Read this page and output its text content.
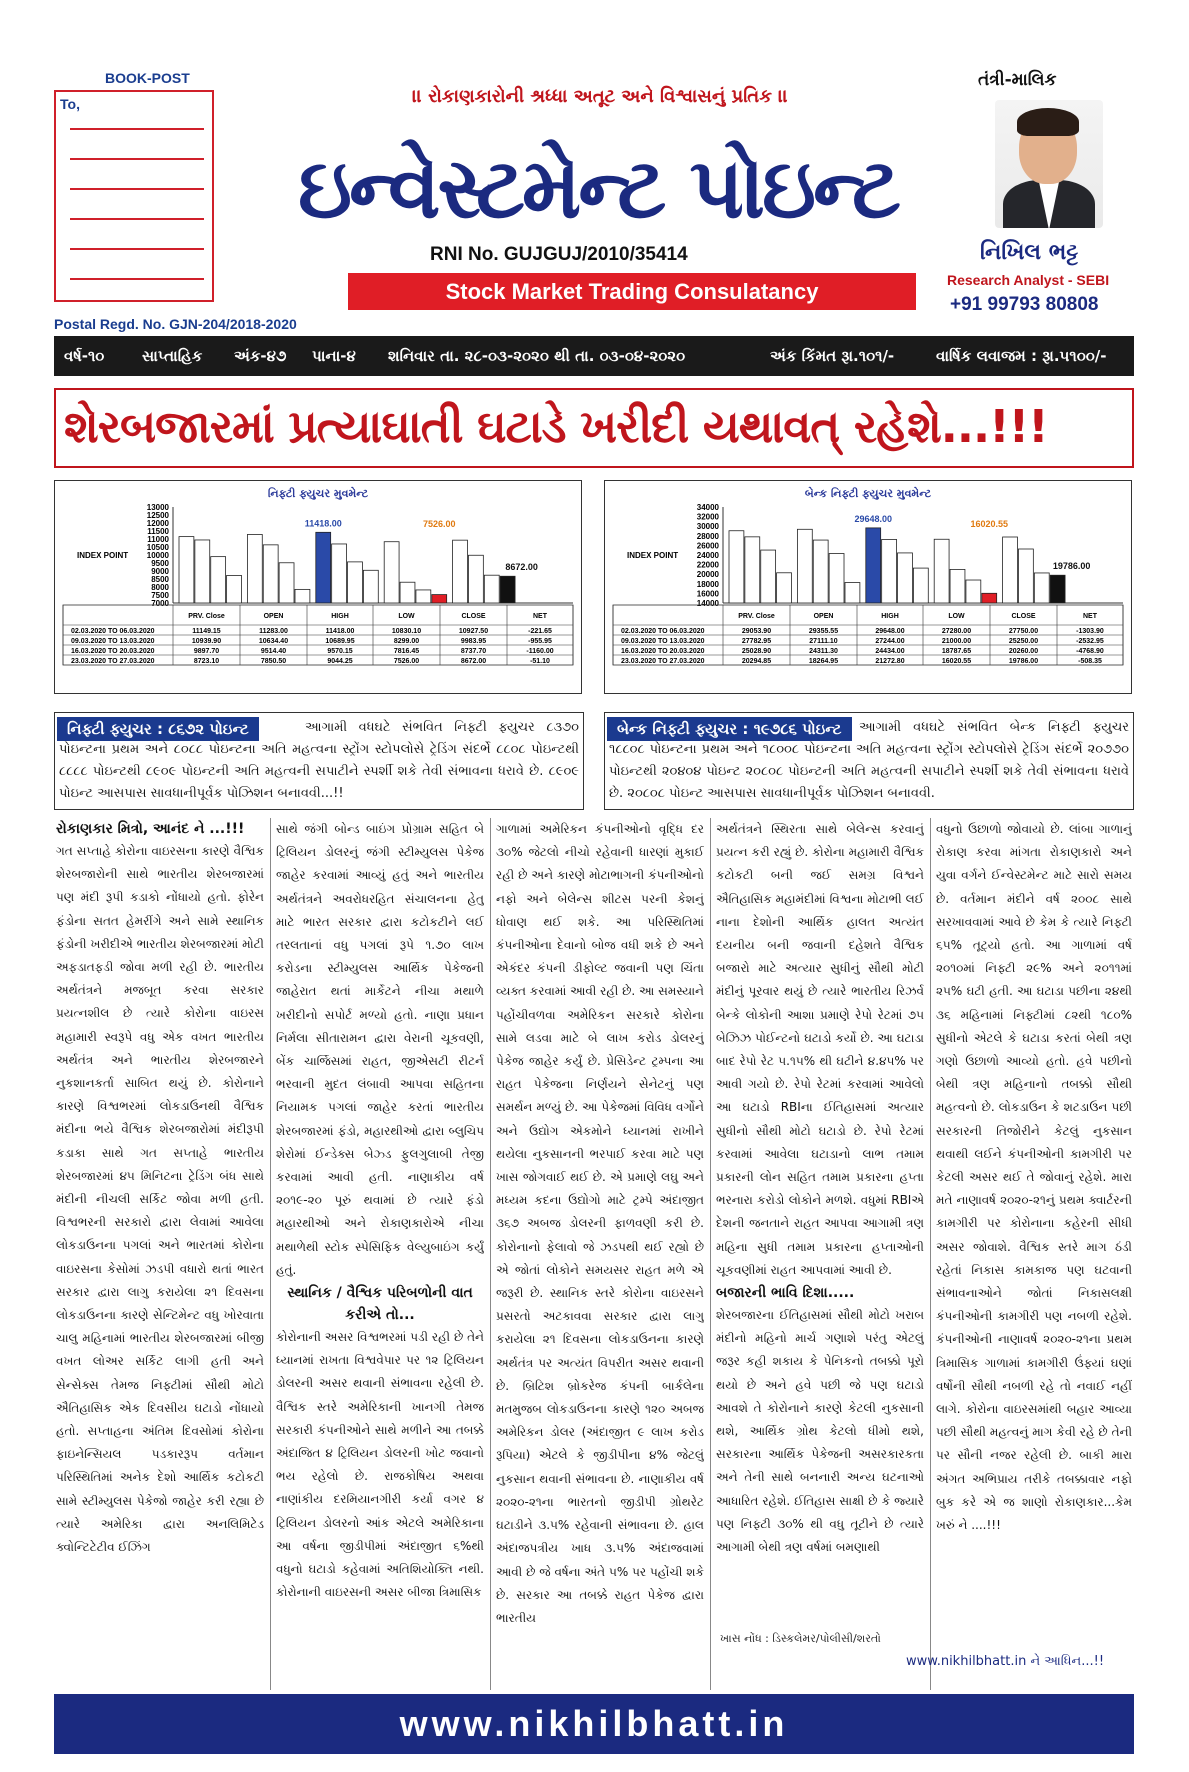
BOOK-POST
To,	।। રોકાણકારોની શ્રધ્ધા અતૂટ અને વિશ્વાસનું પ્રતિક ।।
ઇન્વેસ્ટમેન્ટ પોઇન્ટ
RNI No. GUJGUJ/2010/35414
Stock Market Trading Consulatancy
તંત્રી-માલિક
નિખિલ ભટ્ટ
Research Analyst - SEBI
+91 99793 80808
Postal Regd. No. GJN-204/2018-2020
વર્ષ-૧૦	સાપ્તાહિક અંક-૪૭ પાના-૪ શનિવાર તા. ૨૮-૦૩-૨૦૨૦ થી તા. ૦૩-૦૪-૨૦૨૦	અંક કિંમત રૂા.૧૦૧/-	વાર્ષિક લવાજમ : રૂા.૫૧૦૦/-
શેરબજારમાં પ્રત્યાઘાતી ઘટાડે ખરીદી યથાવત્ રહેશે...!!!
નિફ્ટી ફ્યુચર મુવમેન્ટ
13000
12500
12000
11500
11000
10500
10000
9500
9000
8500
8000
7500
7000
INDEX POINT
11418.00	7526.00
8672.00
PRV. Close	OPEN	HIGH	LOW	CLOSE	NET
02.03.2020 TO 06.03.2020	11149.15	11283.00	11418.00	10830.10	10927.50	-221.65
09.03.2020 TO 13.03.2020	10939.90	10634.40	10689.95	8299.00	9983.95	-955.95
16.03.2020 TO 20.03.2020	9897.70	9514.40	9570.15	7816.45	8737.70	-1160.00
23.03.2020 TO 27.03.2020	8723.10	7850.50	9044.25	7526.00	8672.00	-51.10
બેન્ક નિફ્ટી ફ્યુચર મુવમેન્ટ
34000
32000
30000
28000
26000
24000
22000
20000
18000
16000
14000
INDEX POINT
29648.00
16020.55
19786.00
PRV. Close	OPEN	HIGH	LOW	CLOSE	NET
02.03.2020 TO 06.03.2020	29053.90	29355.55	29648.00	27280.00	27750.00	-1303.90
09.03.2020 TO 13.03.2020	27782.95	27111.10	27244.00	21000.00	25250.00	-2532.95
16.03.2020 TO 20.03.2020	25028.90	24311.30	24434.00	18787.65	20260.00	-4768.90
23.03.2020 TO 27.03.2020	20294.85	18264.95	21272.80	16020.55	19786.00	-508.35
આગામી વધઘટે સંભવિત નિફ્ટી ફ્યુચર ૮૩૭૦ પોઇન્ટના પ્રથમ અને ૮૦૮૮ પોઇન્ટના અતિ મહત્વના સ્ટ્રોંગ સ્ટોપલોસે ટ્રેડિંગ સંદર્ભે ૮૮૦૮ પોઇન્ટથી ૮૮૮૮ પોઇન્ટથી ૮૯૦૯ પોઇન્ટની અતિ મહત્વની સપાટીને સ્પર્શી શકે તેવી સંભાવના ધરાવે છે. ૮૯૦૯ પોઇન્ટ આસપાસ સાવધાનીપૂર્વક પોઝિશન બનાવવી...!!
નિફ્ટી ફ્યુચર : ૮૬૭૨ પોઇન્ટ	આગામી વધઘટે સંભવિત બેન્ક નિફ્ટી ફ્યુચર ૧૮૮૦૮ પોઇન્ટના પ્રથમ અને ૧૮૦૦૮ પોઇન્ટના અતિ મહત્વના સ્ટ્રોંગ સ્ટોપલોસે ટ્રેડિંગ સંદર્ભે ૨૦૭૭૦ પોઇન્ટથી ૨૦૪૦૪ પોઇન્ટ ૨૦૮૦૮ પોઇન્ટની અતિ મહત્વની સપાટીને સ્પર્શી શકે તેવી સંભાવના ધરાવે છે. ૨૦૮૦૮ પોઇન્ટ આસપાસ સાવધાનીપૂર્વક પોઝિશન બનાવવી.
બેન્ક નિફ્ટી ફ્યુચર : ૧૯૭૮૬ પોઇન્ટ
રોકાણકાર મિત્રો, આનંદ ને ...!!!

ગત સપ્તાહે કોરોના વાઇરસના કારણે વૈશ્વિક શેરબજારોની સાથે ભારતીય શેરબજારમાં પણ મંદી રૂપી કડાકો નોંધાયો હતો. ફોરેન ફંડોના સતત હેમરીંગે અને સામે સ્થાનિક ફંડોની ખરીદીએ ભારતીય શેરબજારમાં મોટી અફડાતફડી જોવા મળી રહી છે. ભારતીય અર્થતંત્રને મજબૂત કરવા સરકાર પ્રયત્નશીલ છે ત્યારે કોરોના વાઇરસ મહામારી સ્વરૂપે વધુ એક વખત ભારતીય અર્થતંત્ર અને ભારતીય શેરબજારને નુકશાનકર્તા સાબિત થયું છે. કોરોનાને કારણે વિશ્વભરમાં લોકડાઉનથી વૈશ્વિક મંદીના ભયે વૈશ્વિક શેરબજારોમાં મંદીરૂપી કડાકા સાથે ગત સપ્તાહે ભારતીય શેરબજારમાં ૪૫ મિનિટના ટ્રેડિંગ બંધ સાથે મંદીની નીચલી સર્કિટ જોવા મળી હતી. વિશ્વભરની સરકારો દ્વારા લેવામાં આવેલા લોકડાઉનના પગલાં અને ભારતમાં કોરોના વાઇરસના કેસોમાં ઝડપી વધારો થતાં ભારત સરકાર દ્વારા લાગુ કરાયેલા ૨૧ દિવસના લોકડાઉનના કારણે સેન્ટિમેન્ટ વધુ ખોરવાતા ચાલુ મહિનામાં ભારતીય શેરબજારમાં બીજી વખત લોઅર સર્કિટ લાગી હતી અને સેન્સેક્સ તેમજ નિફ્ટીમાં સૌથી મોટો ઐતિહાસિક એક દિવસીય ઘટાડો નોંધાયો હતો. સપ્તાહના અંતિમ દિવસોમાં કોરોના ફાઇનેન્સિયલ પડકારરૂપ વર્તમાન પરિસ્થિતિમાં અનેક દેશો આર્થિક કટોકટી સામે સ્ટીમ્યુલસ પેકેજો જાહેર કરી રહ્યા છે ત્યારે અમેરિકા દ્વારા અનલિમિટેડ ક્વોન્ટિટેટીવ ઈઝિંગ

સાથે જંગી બોન્ડ બાઇંગ પ્રોગ્રામ સહિત બે ટ્રિલિયન ડોલરનું જંગી સ્ટીમ્યુલસ પેકેજ જાહેર કરવામાં આવ્યું હતું અને ભારતીય અર્થતંત્રને અવરોધરહિત સંચાલનના હેતુ માટે ભારત સરકાર દ્વારા કટોકટીને લઈ તરલતાનાં વધુ પગલાં રૂપે ૧.૭૦ લાખ કરોડના સ્ટીમ્યુલસ આર્થિક પેકેજની જાહેરાત થતાં માર્કેટને નીચા મથાળે ખરીદીનો સપોર્ટ મળ્યો હતો. નાણા પ્રધાન નિર્મલા સીતારામન દ્વારા વેરાની ચૂકવણી, બેંક ચાર્જિસમાં રાહત, જીએસટી રીટર્ન ભરવાની મુદત લંબાવી આપવા સહિતના નિયામક પગલાં જાહેર કરતાં ભારતીય શેરબજારમાં ફંડો, મહારથીઓ દ્વારા બ્લુચિપ શેરોમાં ઈન્ડેક્સ બેઝ્ડ ફુલગુલાબી તેજી કરવામાં આવી હતી. નાણાકીય વર્ષ ૨૦૧૯-૨૦ પૂરું થવામાં છે ત્યારે ફંડો મહારથીઓ અને રોકાણકારોએ નીચા મથાળેથી સ્ટોક સ્પેસિફિક વેલ્યુબાઇંગ કર્યું હતું.

સ્થાનિક / વૈશ્વિક પરિબળોની વાત કરીએ તો...

કોરોનાની અસર વિશ્વભરમાં પડી રહી છે તેને ધ્યાનમાં રાખતા વિશ્વવેપાર પર ૧૨ ટ્રિલિયન ડોલરની અસર થવાની સંભાવના રહેલી છે. વૈશ્વિક સ્તરે અમેરિકાની ખાનગી તેમજ સરકારી કંપનીઓને સાથે મળીને આ તબક્કે અંદાજિત ૪ ટ્રિલિયન ડોલરની ખોટ જવાનો ભય રહેલો છે. રાજકોષિય અથવા નાણાંકીય દરમિયાનગીરી કર્યા વગર ૪ ટ્રિલિયન ડોલરનો આંક એટલે અમેરિકાના આ વર્ષના જીડીપીમાં અંદાજીત ૬%થી વધુનો ઘટાડો કહેવામાં અતિશિયોક્તિ નથી. કોરોનાની વાઇરસની અસર બીજા ત્રિમાસિક

ગાળામાં અમેરિકન કંપનીઓનો વૃદ્ધિ દર ૩૦% જેટલો નીચો રહેવાની ધારણાં મુકાઈ રહી છે અને કારણે મોટાભાગની કંપનીઓનો નફો અને બેલેન્સ શીટસ પરની કેશનું ધોવાણ થઈ શકે. આ પરિસ્થિતિમાં કંપનીઓના દેવાનો બોજ વધી શકે છે અને એકંદર કંપની ડીફોલ્ટ જવાની પણ ચિંતા વ્યક્ત કરવામાં આવી રહી છે. આ સમસ્યાને પહોંચીવળવા અમેરિકન સરકારે કોરોના સામે લડવા માટે બે લાખ કરોડ ડોલરનું પેકેજ જાહેર કર્યું છે. પ્રેસિડેન્ટ ટ્રમ્પના આ રાહત પેકેજના નિર્ણયને સેનેટનું પણ સમર્થન મળ્યું છે. આ પેકેજમાં વિવિધ વર્ગોને અને ઉદ્યોગ એકમોને ધ્યાનમાં રાખીને થયેલા નુકસાનની ભરપાઈ કરવા માટે પણ ખાસ જોગવાઈ થઈ છે. એ પ્રમાણે લઘુ અને મધ્યમ કદના ઉદ્યોગો માટે ટ્રમ્પે અંદાજીત ૩૬૭ અબજ ડોલરની ફાળવણી કરી છે. કોરોનાનો ફેલાવો જે ઝડપથી થઈ રહ્યો છે એ જોતાં લોકોને સમયસર રાહત મળે એ જરૂરી છે. સ્થાનિક સ્તરે કોરોના વાઇરસને પ્રસરતો અટકાવવા સરકાર દ્વારા લાગુ કરાયેલા ૨૧ દિવસના લોકડાઉનના કારણે અર્થતંત્ર પર અત્યંત વિપરીત અસર થવાની છે. બ્રિટિશ બ્રોકરેજ કંપની બાર્કલેના મતમુજબ લોકડાઉનના કારણે ૧૨૦ અબજ અમેરિકન ડોલર (અંદાજીત ૯ લાખ કરોડ રૂપિયા) એટલે કે જીડીપીના ૪% જેટલું નુકસાન થવાની સંભાવના છે. નાણાકીય વર્ષ ૨૦૨૦-૨૧ના ભારતનો જીડીપી ગ્રોથરેટ ઘટાડીને ૩.૫% રહેવાની સંભાવના છે. હાલ અંદાજપત્રીય ખાધ ૩.૫% અંદાજવામાં આવી છે જે વર્ષના અંતે ૫% પર પહોંચી શકે છે. સરકાર આ તબક્કે રાહત પેકેજ દ્વારા ભારતીય

અર્થતંત્રને સ્થિરતા સાથે બેલેન્સ કરવાનું પ્રયત્ન કરી રહ્યું છે. કોરોના મહામારી વૈશ્વિક કટોકટી બની જઈ સમગ્ર વિશ્વને ઐતિહાસિક મહામંદીમાં વિશ્વના મોટાભી લઈ નાના દેશોની આર્થિક હાલત અત્યંત દયનીય બની જવાની દહેશતે વૈશ્વિક બજારો માટે અત્યાર સુધીનું સૌથી મોટી મંદીનું પૂરવાર થયું છે ત્યારે ભારતીય રિઝર્વ બેન્કે લોકોની આશા પ્રમાણે રેપો રેટમાં ૭૫ બેઝિઝ પોઈન્ટનો ઘટાડો કર્યો છે. આ ઘટાડા બાદ રેપો રેટ ૫.૧૫% થી ઘટીને ૪.૪૫% પર આવી ગયો છે. રેપો રેટમાં કરવામાં આવેલો આ ઘટાડો RBIના ઈતિહાસમાં અત્યાર સુધીનો સૌથી મોટો ઘટાડો છે. રેપો રેટમાં કરવામાં આવેલા ઘટાડાનો લાભ તમામ પ્રકારની લોન સહિત તમામ પ્રકારના હપ્તા ભરનારા કરોડો લોકોને મળશે. વધુમાં RBIએ દેશની જનતાને રાહત આપવા આગામી ત્રણ મહિના સુધી તમામ પ્રકારના હપ્તાઓની ચૂકવણીમાં રાહત આપવામાં આવી છે.

બજારની ભાવિ દિશા.....

શેરબજારના ઈતિહાસમાં સૌથી મોટો ખરાબ મંદીનો મહિનો માર્ચ ગણાશે પરંતુ એટલું જરૂર કહી શકાય કે પેનિકનો તબક્કો પૂરો થયો છે અને હવે પછી જે પણ ઘટાડો આવશે તે કોરોનાને કારણે કેટલી નુકસાની થશે, આર્થિક ગ્રોથ કેટલો ધીમો થશે, સરકારના આર્થિક પેકેજની અસરકારકતા અને તેની સાથે બનનારી અન્ય ઘટનાઓ આધારિત રહેશે. ઈતિહાસ સાક્ષી છે કે જ્યારે પણ નિફ્ટી ૩૦% થી વધુ તૂટીને છે ત્યારે આગામી બેથી ત્રણ વર્ષમાં બમણાથી

વધુનો ઉછાળો જોવાયો છે. લાંબા ગાળાનું રોકાણ કરવા માંગતા રોકાણકારો અને યુવા વર્ગને ઈન્વેસ્ટમેન્ટ માટે સારો સમય છે. વર્તમાન મંદીને વર્ષ ૨૦૦૮ સાથે સરખાવવામાં આવે છે કેમ કે ત્યારે નિફ્ટી ૬૫% તૂટ્યો હતો. આ ગાળામાં વર્ષ ૨૦૧૦માં નિફ્ટી ૨૯% અને ૨૦૧૧માં ૨૫% ઘટી હતી. આ ઘટાડા પછીના ૨૪થી ૩૬ મહિનામાં નિફ્ટીમાં ૮૨થી ૧૮૦% સુધીનો એટલે કે ઘટાડા કરતાં બેથી ત્રણ ગણો ઉછાળો આવ્યો હતો. હવે પછીનો બેથી ત્રણ મહિનાનો તબક્કો સૌથી મહત્વનો છે. લોકડાઉન કે શટડાઉન પછી સરકારની તિજોરીને કેટલું નુકસાન થવાથી લઈને કંપનીઓની કામગીરી પર કેટલી અસર થઈ તે જોવાનું રહેશે. મારા મતે નાણાવર્ષ ૨૦૨૦-૨૧નું પ્રથમ ક્વાર્ટરની કામગીરી પર કોરોનાના કહેરની સીધી અસર જોવાશે. વૈશ્વિક સ્તરે માગ ઠંડી રહેતાં નિકાસ કામકાજ પણ ઘટવાની સંભાવનાઓને જોતાં નિકાસલક્ષી કંપનીઓની કામગીરી પણ નબળી રહેશે. કંપનીઓની નાણાવર્ષ ૨૦૨૦-૨૧ના પ્રથમ ત્રિમાસિક ગાળામાં કામગીરી ઉંફ્યાં ઘણાં વર્ષોની સૌથી નબળી રહે તો નવાઈ નહીં લાગે. કોરોના વાઇરસમાંથી બહાર આવ્યા પછી સૌથી મહત્વનું માગ કેવી રહે છે તેની પર સૌની નજર રહેલી છે. બાકી મારા અંગત અભિપ્રાય તરીકે તબક્કાવાર નફો બુક કરે એ જ શાણો રોકાણકાર...કેમ ખરું ને ....!!!

ખાસ નોંધ : ડિસ્કલેમર/પોલીસી/શરતો
www.nikhilbhatt.in ને આધિન...!!
www.nikhilbhatt.in
